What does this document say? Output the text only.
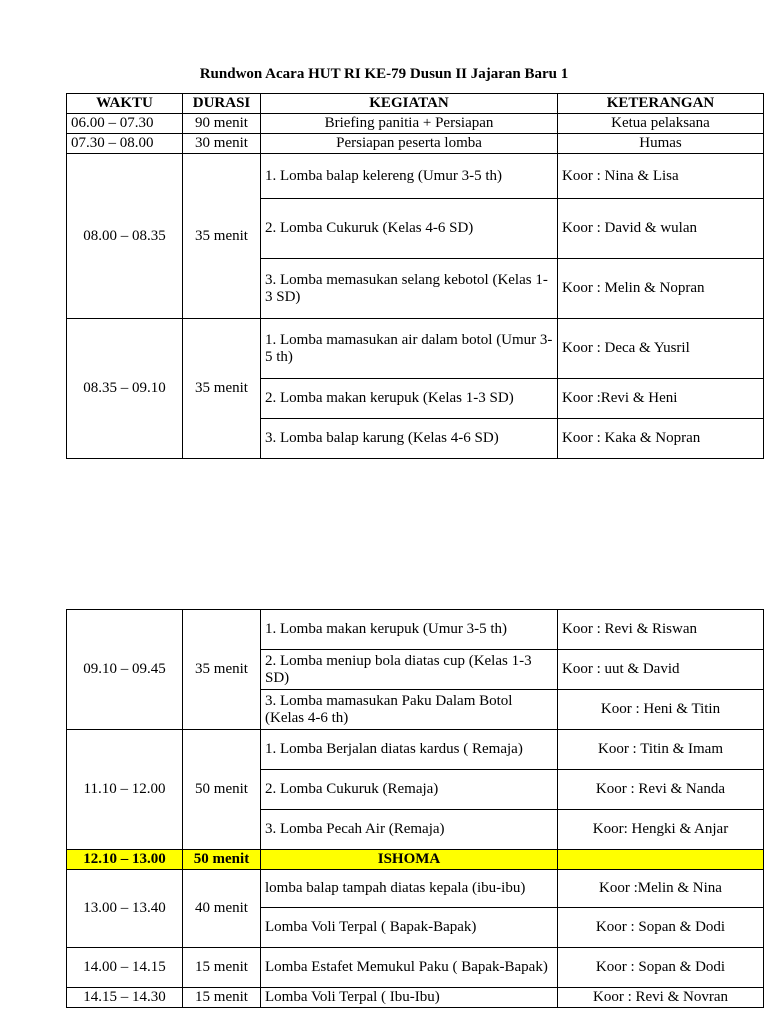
Rundwon Acara HUT RI KE-79 Dusun II Jajaran Baru 1
WAKTU	DURASI	KEGIATAN	KETERANGAN
06.00 – 07.30	90 menit	Briefing panitia + Persiapan	Ketua pelaksana
07.30 – 08.00	30 menit	Persiapan peserta lomba	Humas
08.00 – 08.35	35 menit	1. Lomba balap kelereng (Umur 3-5 th)	Koor : Nina & Lisa
		2. Lomba Cukuruk (Kelas 4-6 SD)	Koor : David & wulan
		3. Lomba memasukan selang kebotol (Kelas 1-3 SD)	Koor : Melin & Nopran
08.35 – 09.10	35 menit	1. Lomba mamasukan air dalam botol (Umur 3-5 th)	Koor : Deca & Yusril
		2. Lomba makan kerupuk (Kelas 1-3 SD)	Koor :Revi & Heni
		3. Lomba balap karung (Kelas 4-6 SD)	Koor : Kaka & Nopran
09.10 – 09.45	35 menit	1. Lomba makan kerupuk (Umur 3-5 th)	Koor : Revi & Riswan
		2. Lomba meniup bola diatas cup (Kelas 1-3 SD)	Koor : uut & David
		3. Lomba mamasukan Paku Dalam Botol (Kelas 4-6 th)	Koor : Heni & Titin
11.10 – 12.00	50 menit	1. Lomba Berjalan diatas kardus ( Remaja)	Koor : Titin & Imam
		2. Lomba Cukuruk (Remaja)	Koor : Revi & Nanda
		3. Lomba Pecah Air (Remaja)	Koor: Hengki & Anjar
12.10 – 13.00	50 menit	ISHOMA	
13.00 – 13.40	40 menit	lomba balap tampah diatas kepala (ibu-ibu)	Koor :Melin & Nina
		Lomba Voli Terpal ( Bapak-Bapak)	Koor : Sopan & Dodi
14.00 – 14.15	15 menit	Lomba Estafet Memukul Paku ( Bapak-Bapak)	Koor : Sopan & Dodi
14.15 – 14.30	15 menit	Lomba Voli Terpal ( Ibu-Ibu)	Koor : Revi & Novran
